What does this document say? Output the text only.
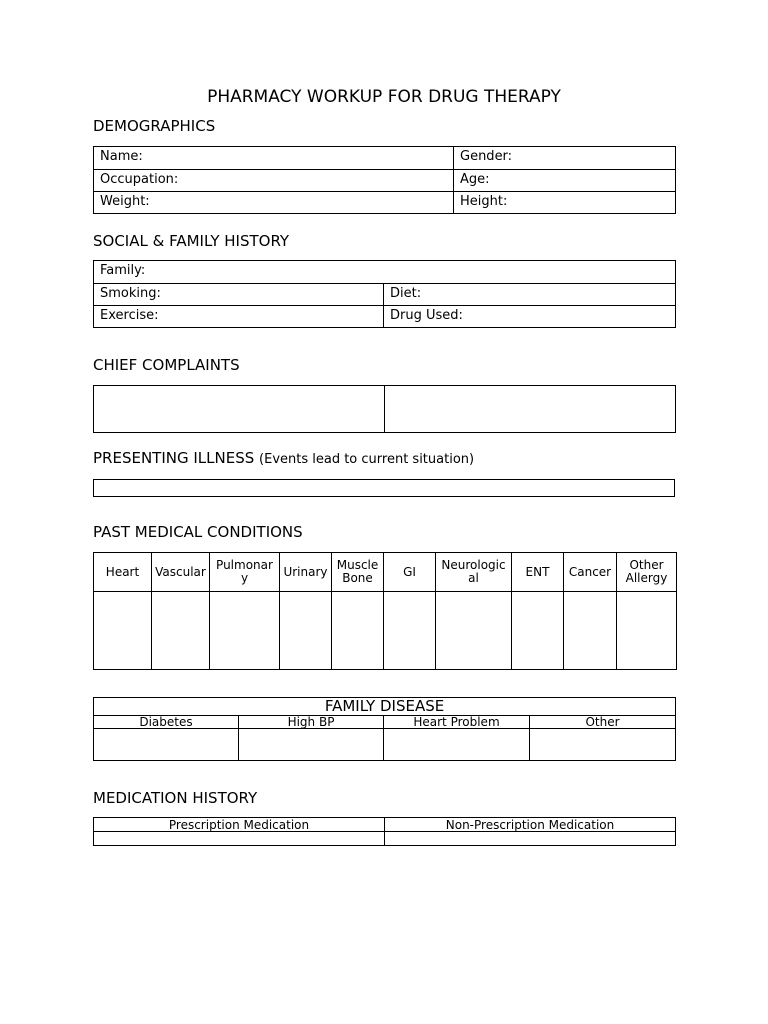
PHARMACY WORKUP FOR DRUG THERAPY
DEMOGRAPHICS
Name:	Gender:
Occupation:	Age:
Weight:	Height:
SOCIAL & FAMILY HISTORY
Family:	
Smoking:	Diet:
Exercise:	Drug Used:
CHIEF COMPLAINTS

PRESENTING ILLNESS (Events lead to current situation)
PAST MEDICAL CONDITIONS
Heart	Vascular	Pulmonary	Urinary	Muscle Bone	GI	Neurological	ENT	Cancer	Other Allergy

FAMILY DISEASE			
Diabetes	High BP	Heart Problem	Other

MEDICATION HISTORY
Prescription Medication	Non-Prescription Medication
